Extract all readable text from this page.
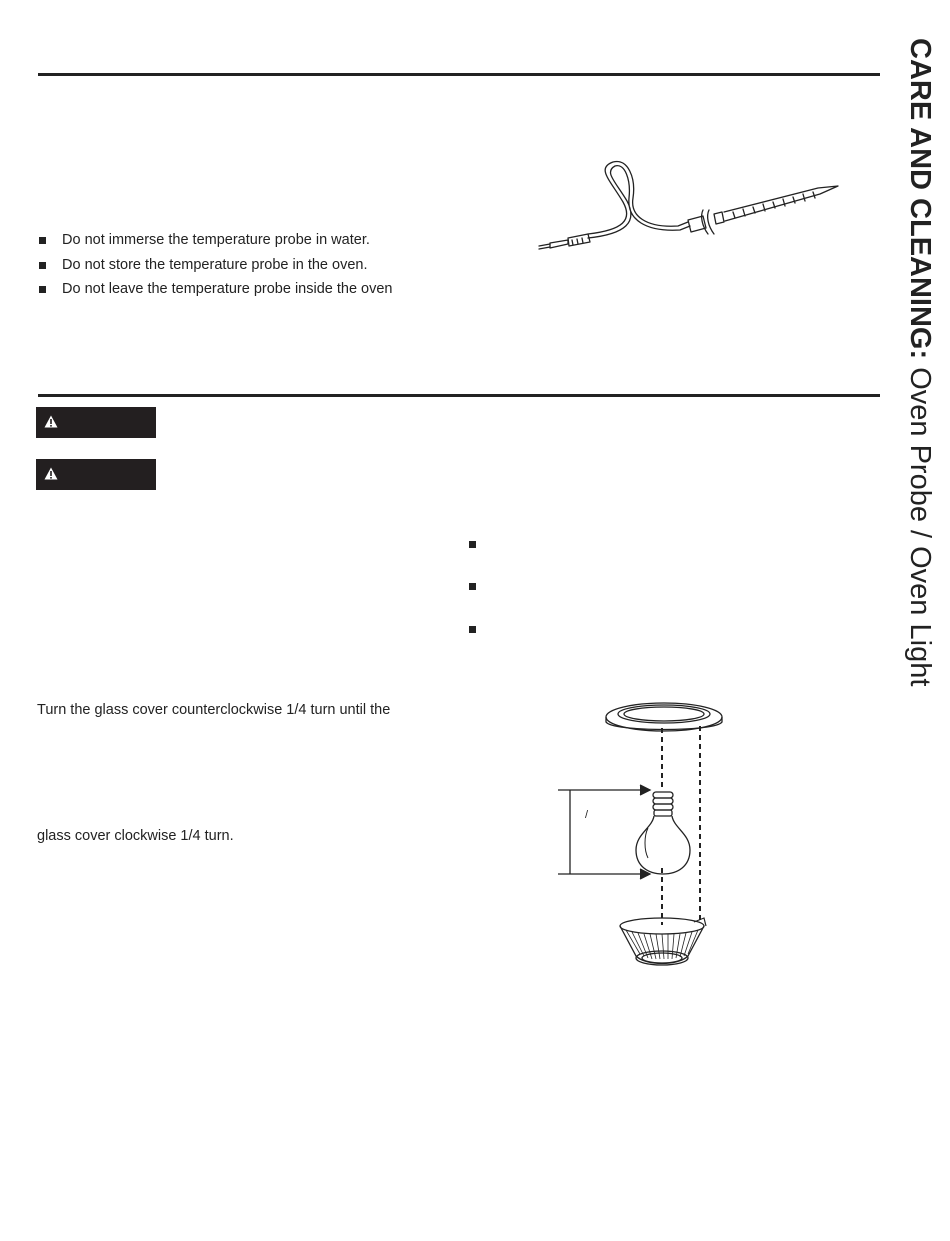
CARE AND CLEANING: Oven Probe / Oven Light
Do not immerse the temperature probe in water.
Do not store the temperature probe in the oven.
Do not leave the temperature probe inside the oven
Turn the glass cover counterclockwise 1/4 turn until the
glass cover clockwise 1/4 turn.
/
